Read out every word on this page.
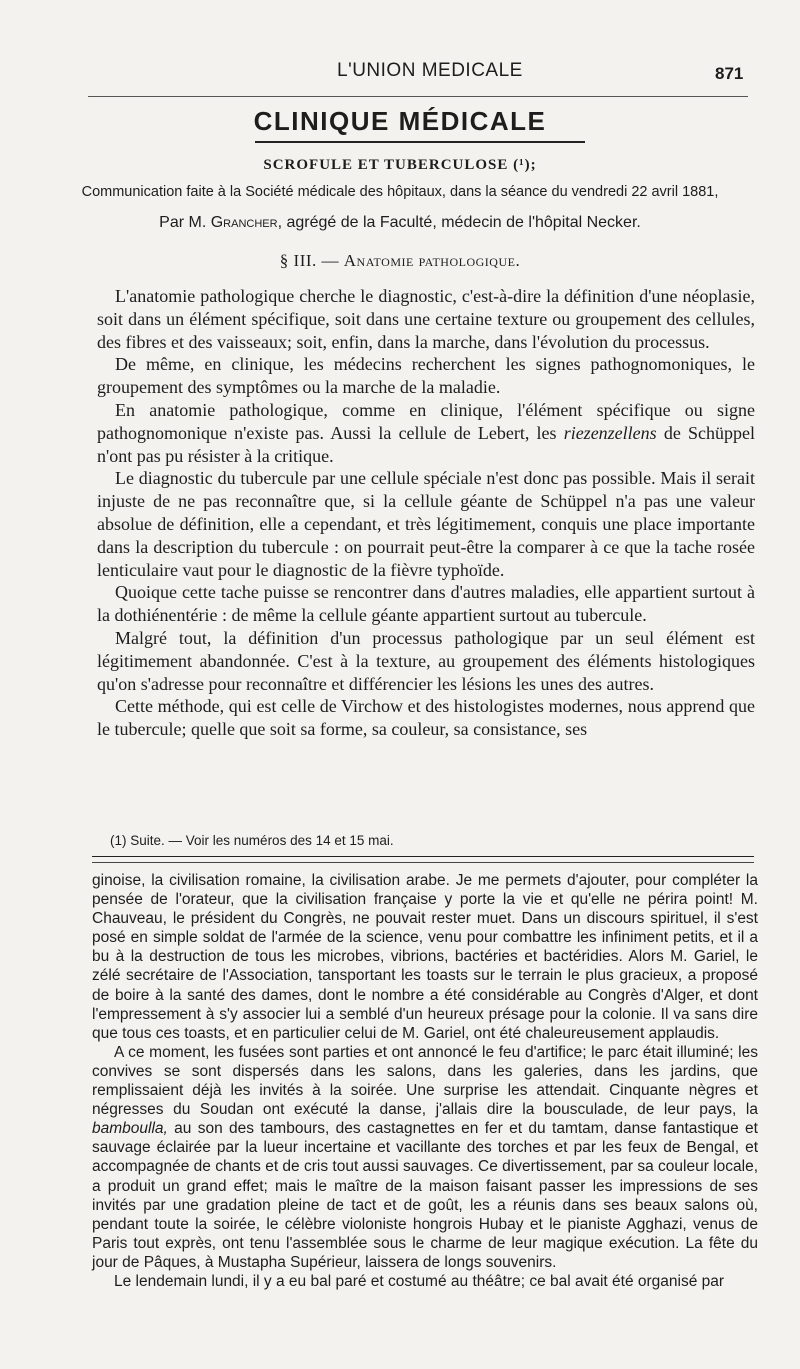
L'UNION MEDICALE	871
CLINIQUE MÉDICALE
SCROFULE ET TUBERCULOSE (¹);
Communication faite à la Société médicale des hôpitaux, dans la séance du vendredi 22 avril 1881,
Par M. Grancher, agrégé de la Faculté, médecin de l'hôpital Necker.
§ III. — Anatomie pathologique.

L'anatomie pathologique cherche le diagnostic, c'est-à-dire la définition d'une néoplasie, soit dans un élément spécifique, soit dans une certaine texture ou groupement des cellules, des fibres et des vaisseaux; soit, enfin, dans la marche, dans l'évolution du processus.

De même, en clinique, les médecins recherchent les signes pathognomoniques, le groupement des symptômes ou la marche de la maladie.

En anatomie pathologique, comme en clinique, l'élément spécifique ou signe pathognomonique n'existe pas. Aussi la cellule de Lebert, les riezenzellens de Schüppel n'ont pas pu résister à la critique.

Le diagnostic du tubercule par une cellule spéciale n'est donc pas possible. Mais il serait injuste de ne pas reconnaître que, si la cellule géante de Schüppel n'a pas une valeur absolue de définition, elle a cependant, et très légitimement, conquis une place importante dans la description du tubercule : on pourrait peut-être la comparer à ce que la tache rosée lenticulaire vaut pour le diagnostic de la fièvre typhoïde.

Quoique cette tache puisse se rencontrer dans d'autres maladies, elle appartient surtout à la dothiénentérie : de même la cellule géante appartient surtout au tubercule.

Malgré tout, la définition d'un processus pathologique par un seul élément est légitimement abandonnée. C'est à la texture, au groupement des éléments histologiques qu'on s'adresse pour reconnaître et différencier les lésions les unes des autres.

Cette méthode, qui est celle de Virchow et des histologistes modernes, nous apprend que le tubercule; quelle que soit sa forme, sa couleur, sa consistance, ses

(1) Suite. — Voir les numéros des 14 et 15 mai.

ginoise, la civilisation romaine, la civilisation arabe. Je me permets d'ajouter, pour compléter la pensée de l'orateur, que la civilisation française y porte la vie et qu'elle ne périra point! M. Chauveau, le président du Congrès, ne pouvait rester muet. Dans un discours spirituel, il s'est posé en simple soldat de l'armée de la science, venu pour combattre les infiniment petits, et il a bu à la destruction de tous les microbes, vibrions, bactéries et bactéridies. Alors M. Gariel, le zélé secrétaire de l'Association, tansportant les toasts sur le terrain le plus gracieux, a proposé de boire à la santé des dames, dont le nombre a été considérable au Congrès d'Alger, et dont l'empressement à s'y associer lui a semblé d'un heureux présage pour la colonie. Il va sans dire que tous ces toasts, et en particulier celui de M. Gariel, ont été chaleureusement applaudis.

A ce moment, les fusées sont parties et ont annoncé le feu d'artifice; le parc était illuminé; les convives se sont dispersés dans les salons, dans les galeries, dans les jardins, que remplissaient déjà les invités à la soirée. Une surprise les attendait. Cinquante nègres et négresses du Soudan ont exécuté la danse, j'allais dire la bousculade, de leur pays, la bamboulla, au son des tambours, des castagnettes en fer et du tamtam, danse fantastique et sauvage éclairée par la lueur incertaine et vacillante des torches et par les feux de Bengal, et accompagnée de chants et de cris tout aussi sauvages. Ce divertissement, par sa couleur locale, a produit un grand effet; mais le maître de la maison faisant passer les impressions de ses invités par une gradation pleine de tact et de goût, les a réunis dans ses beaux salons où, pendant toute la soirée, le célèbre violoniste hongrois Hubay et le pianiste Agghazi, venus de Paris tout exprès, ont tenu l'assemblée sous le charme de leur magique exécution. La fête du jour de Pâques, à Mustapha Supérieur, laissera de longs souvenirs.

Le lendemain lundi, il y a eu bal paré et costumé au théâtre; ce bal avait été organisé par
